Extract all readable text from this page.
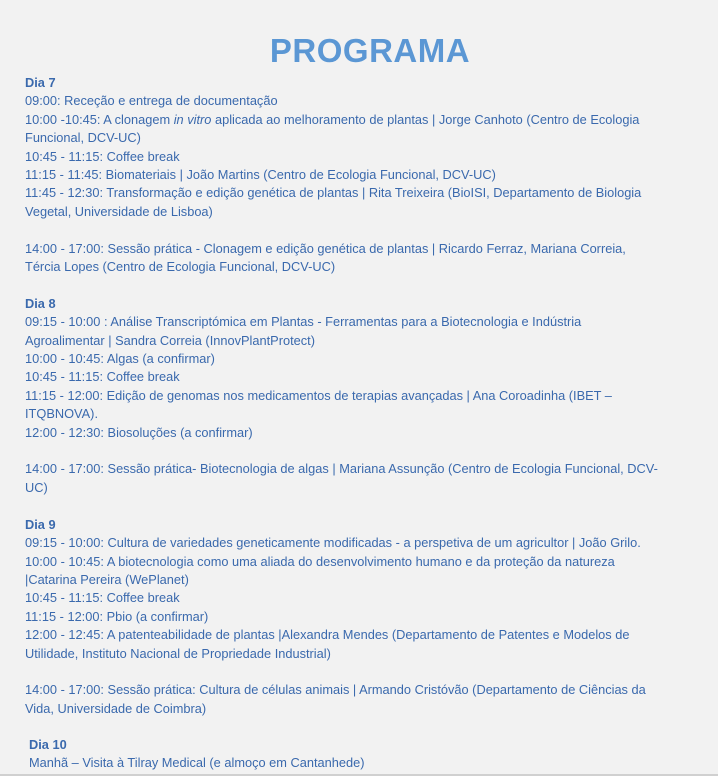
PROGRAMA
Dia 7
09:00: Receção e entrega de documentação
10:00 -10:45: A clonagem in vitro aplicada ao melhoramento de plantas | Jorge Canhoto (Centro de Ecologia
Funcional, DCV-UC)
10:45 - 11:15: Coffee break
11:15 - 11:45: Biomateriais | João Martins (Centro de Ecologia Funcional, DCV-UC)
11:45 - 12:30: Transformação e edição genética de plantas | Rita Treixeira (BioISI, Departamento de Biologia
Vegetal, Universidade de Lisboa)
14:00 - 17:00: Sessão prática - Clonagem e edição genética de plantas | Ricardo Ferraz, Mariana Correia,
Tércia Lopes (Centro de Ecologia Funcional, DCV-UC)
Dia 8
09:15 - 10:00 : Análise Transcriptómica em Plantas - Ferramentas para a Biotecnologia e Indústria
Agroalimentar | Sandra Correia (InnovPlantProtect)
10:00 - 10:45: Algas (a confirmar)
10:45 - 11:15: Coffee break
11:15 - 12:00: Edição de genomas nos medicamentos de terapias avançadas | Ana Coroadinha (IBET –
ITQBNOVA).
12:00 - 12:30: Biosoluções (a confirmar)
14:00 - 17:00: Sessão prática- Biotecnologia de algas | Mariana Assunção (Centro de Ecologia Funcional, DCV-
UC)
Dia 9
09:15 - 10:00: Cultura de variedades geneticamente modificadas - a perspetiva de um agricultor | João Grilo.
10:00 - 10:45: A biotecnologia como uma aliada do desenvolvimento humano e da proteção da natureza
|Catarina Pereira (WePlanet)
10:45 - 11:15: Coffee break
11:15 - 12:00: Pbio (a confirmar)
12:00 - 12:45: A patenteabilidade de plantas |Alexandra Mendes (Departamento de Patentes e Modelos de
Utilidade, Instituto Nacional de Propriedade Industrial)
14:00 - 17:00: Sessão prática: Cultura de células animais | Armando Cristóvão (Departamento de Ciências da
Vida, Universidade de Coimbra)
Dia 10
Manhã – Visita à Tilray Medical (e almoço em Cantanhede)
